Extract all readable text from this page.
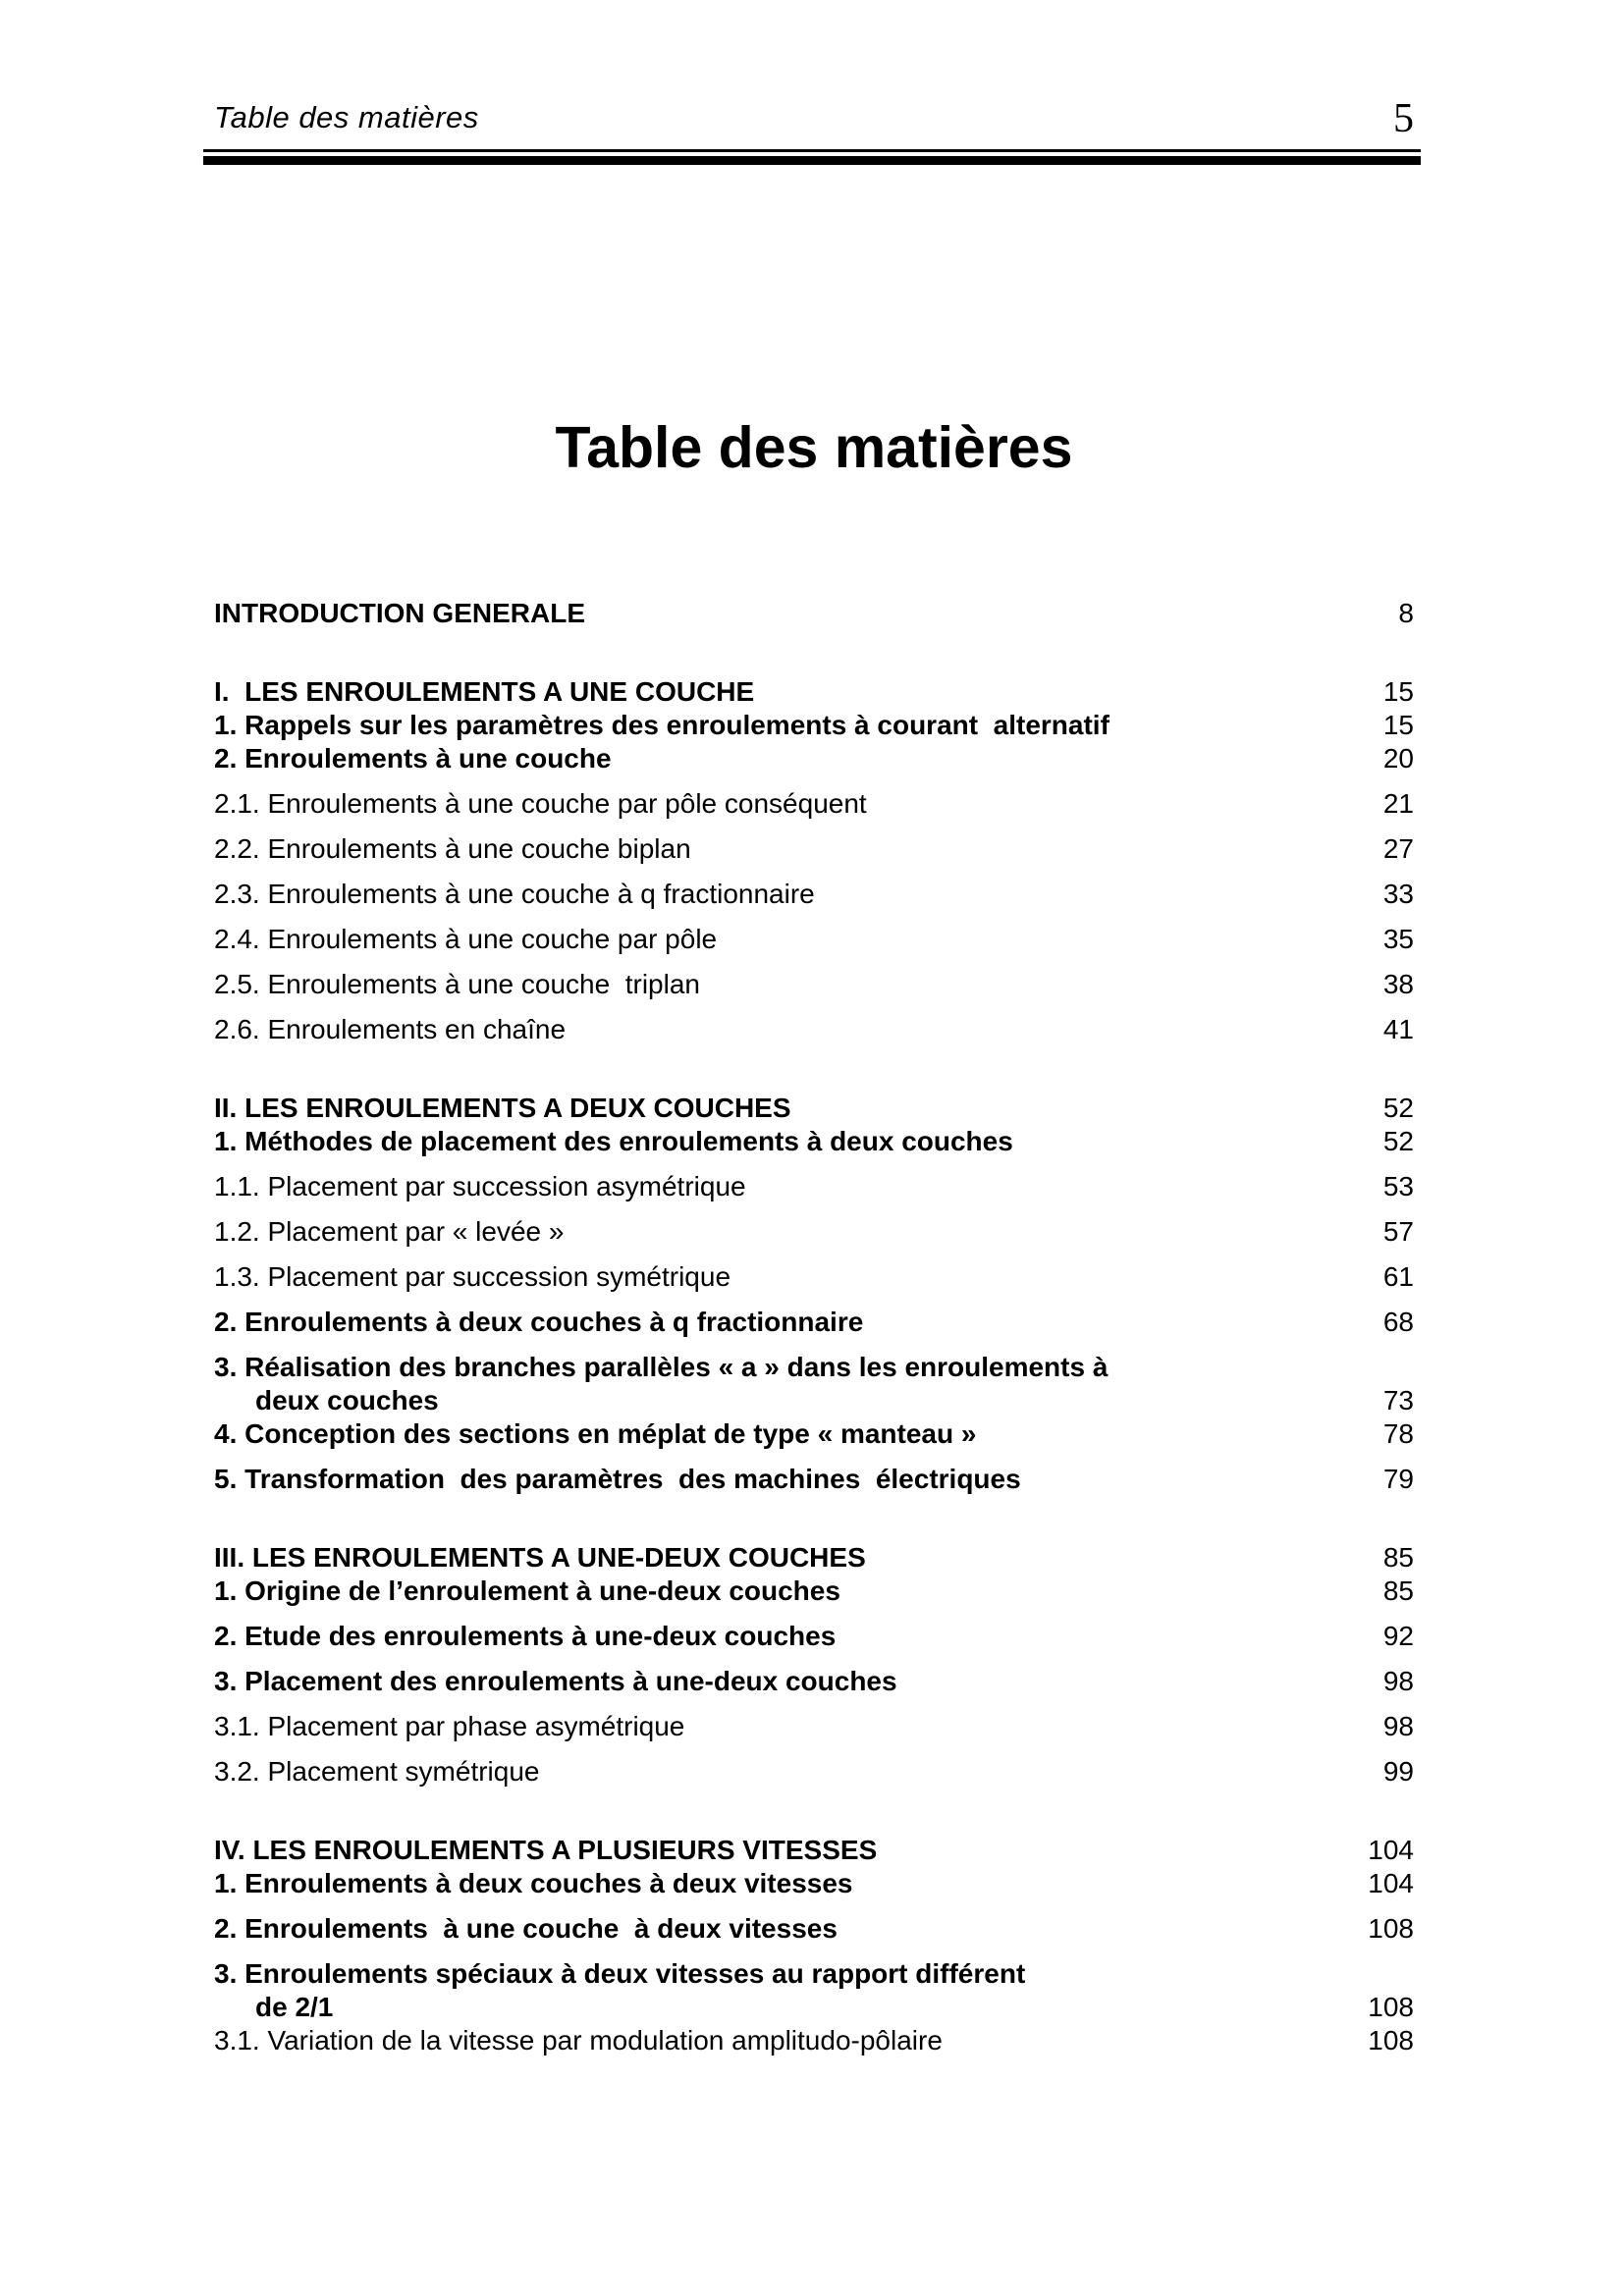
Table des matières	5
Table des matières
INTRODUCTION GENERALE	8
I.  LES ENROULEMENTS A UNE COUCHE	15
1. Rappels sur les paramètres des enroulements à courant  alternatif	15
2. Enroulements à une couche	20
2.1. Enroulements à une couche par pôle conséquent	21
2.2. Enroulements à une couche biplan	27
2.3. Enroulements à une couche à q fractionnaire	33
2.4. Enroulements à une couche par pôle	35
2.5. Enroulements à une couche  triplan	38
2.6. Enroulements en chaîne	41
II. LES ENROULEMENTS A DEUX COUCHES	52
1. Méthodes de placement des enroulements à deux couches	52
1.1. Placement par succession asymétrique	53
1.2. Placement par « levée »	57
1.3. Placement par succession symétrique	61
2. Enroulements à deux couches à q fractionnaire	68
3. Réalisation des branches parallèles « a » dans les enroulements à
deux couches	73
4. Conception des sections en méplat de type « manteau »	78
5. Transformation  des paramètres  des machines  électriques	79
III. LES ENROULEMENTS A UNE-DEUX COUCHES	85
1. Origine de l’enroulement à une-deux couches	85
2. Etude des enroulements à une-deux couches	92
3. Placement des enroulements à une-deux couches	98
3.1. Placement par phase asymétrique	98
3.2. Placement symétrique	99
IV. LES ENROULEMENTS A PLUSIEURS VITESSES	104
1. Enroulements à deux couches à deux vitesses	104
2. Enroulements  à une couche  à deux vitesses	108
3. Enroulements spéciaux à deux vitesses au rapport différent
de 2/1	108
3.1. Variation de la vitesse par modulation amplitudo-pôlaire	108
